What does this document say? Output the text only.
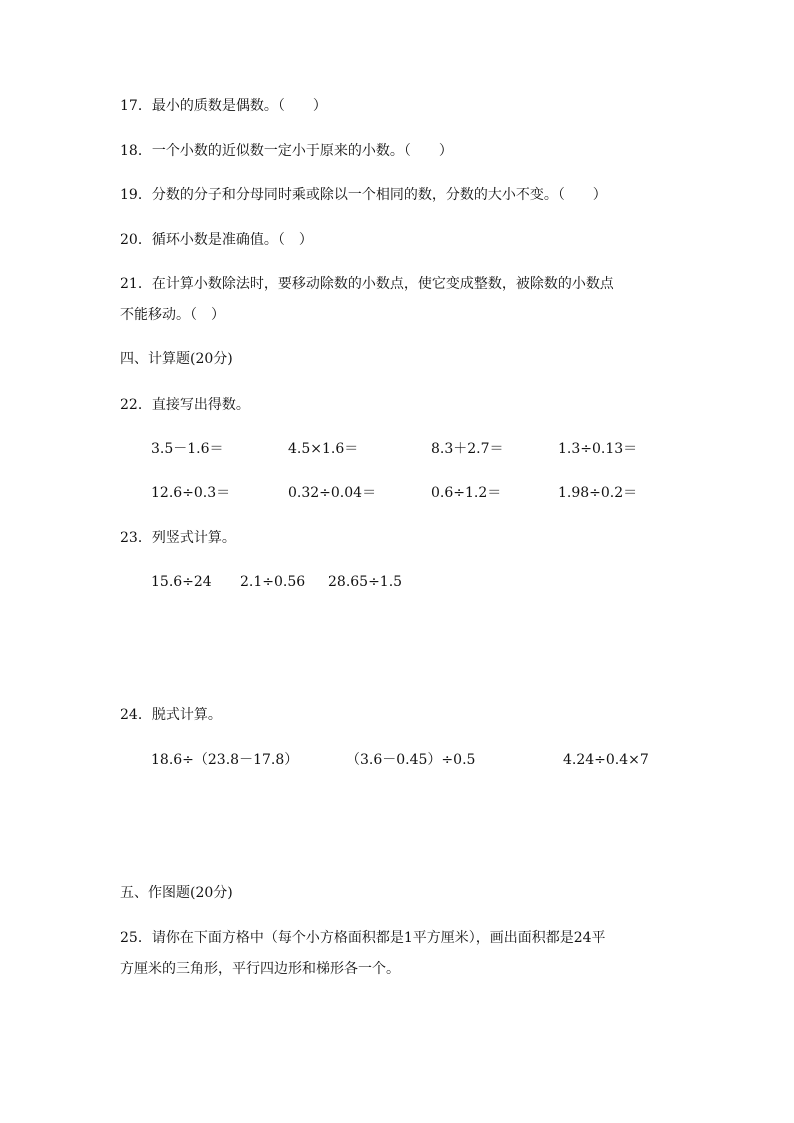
17．最小的质数是偶数。（　　）
18．一个小数的近似数一定小于原来的小数。（　　）
19．分数的分子和分母同时乘或除以一个相同的数，分数的大小不变。（　　）
20．循环小数是准确值。（　）
21．在计算小数除法时，要移动除数的小数点，使它变成整数，被除数的小数点
不能移动。（　）
四、计算题(20分)
22．直接写出得数。
3.5－1.6＝	4.5×1.6＝	8.3＋2.7＝	1.3÷0.13＝
12.6÷0.3＝	0.32÷0.04＝	0.6÷1.2＝	1.98÷0.2＝
23．列竖式计算。
15.6÷24 2.1÷0.56 28.65÷1.5
24．脱式计算。
18.6÷（23.8－17.8）	（3.6－0.45）÷0.5	4.24÷0.4×7
五、作图题(20分)
25．请你在下面方格中（每个小方格面积都是1平方厘米），画出面积都是24平
方厘米的三角形，平行四边形和梯形各一个。
